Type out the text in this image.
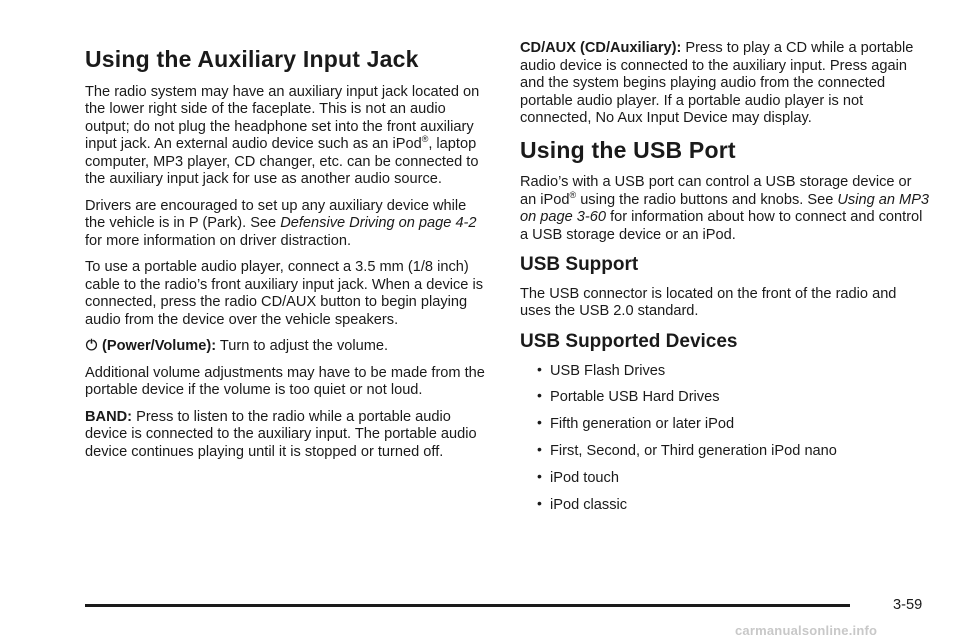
Using the Auxiliary Input Jack

The radio system may have an auxiliary input jack located on the lower right side of the faceplate. This is not an audio output; do not plug the headphone set into the front auxiliary input jack. An external audio device such as an iPod®, laptop computer, MP3 player, CD changer, etc. can be connected to the auxiliary input jack for use as another audio source.

Drivers are encouraged to set up any auxiliary device while the vehicle is in P (Park). See Defensive Driving on page 4‑2 for more information on driver distraction.

To use a portable audio player, connect a 3.5 mm (1/8 inch) cable to the radio’s front auxiliary input jack. When a device is connected, press the radio CD/AUX button to begin playing audio from the device over the vehicle speakers.

(Power/Volume): Turn to adjust the volume.

Additional volume adjustments may have to be made from the portable device if the volume is too quiet or not loud.

BAND: Press to listen to the radio while a portable audio device is connected to the auxiliary input. The portable audio device continues playing until it is stopped or turned off.

CD/AUX (CD/Auxiliary): Press to play a CD while a portable audio device is connected to the auxiliary input. Press again and the system begins playing audio from the connected portable audio player. If a portable audio player is not connected, No Aux Input Device may display.

Using the USB Port

Radio’s with a USB port can control a USB storage device or an iPod® using the radio buttons and knobs. See Using an MP3 on page 3‑60 for information about how to connect and control a USB storage device or an iPod.

USB Support

The USB connector is located on the front of the radio and uses the USB 2.0 standard.

USB Supported Devices
• USB Flash Drives
• Portable USB Hard Drives
• Fifth generation or later iPod
• First, Second, or Third generation iPod nano
• iPod touch
• iPod classic
3-59
carmanualsonline.info
